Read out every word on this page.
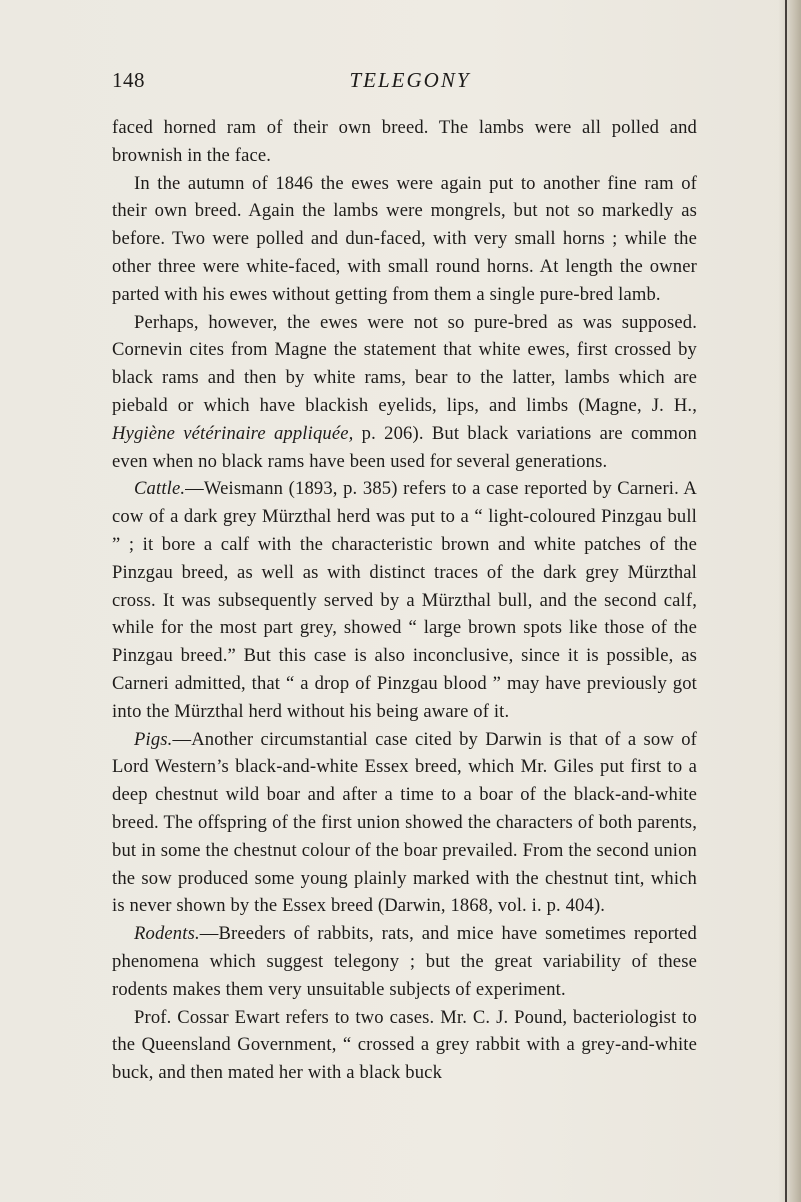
148	TELEGONY

faced horned ram of their own breed. The lambs were all polled and brownish in the face.

In the autumn of 1846 the ewes were again put to another fine ram of their own breed. Again the lambs were mongrels, but not so markedly as before. Two were polled and dun-faced, with very small horns ; while the other three were white-faced, with small round horns. At length the owner parted with his ewes without getting from them a single pure-bred lamb.

Perhaps, however, the ewes were not so pure-bred as was supposed. Cornevin cites from Magne the statement that white ewes, first crossed by black rams and then by white rams, bear to the latter, lambs which are piebald or which have blackish eyelids, lips, and limbs (Magne, J. H., Hygiène vétérinaire appliquée, p. 206). But black variations are common even when no black rams have been used for several generations.

Cattle.—Weismann (1893, p. 385) refers to a case reported by Carneri. A cow of a dark grey Mürzthal herd was put to a “ light-coloured Pinzgau bull ” ; it bore a calf with the characteristic brown and white patches of the Pinzgau breed, as well as with distinct traces of the dark grey Mürzthal cross. It was subsequently served by a Mürzthal bull, and the second calf, while for the most part grey, showed “ large brown spots like those of the Pinzgau breed.” But this case is also inconclusive, since it is possible, as Carneri admitted, that “ a drop of Pinzgau blood ” may have previously got into the Mürzthal herd without his being aware of it.

Pigs.—Another circumstantial case cited by Darwin is that of a sow of Lord Western’s black-and-white Essex breed, which Mr. Giles put first to a deep chestnut wild boar and after a time to a boar of the black-and-white breed. The offspring of the first union showed the characters of both parents, but in some the chestnut colour of the boar prevailed. From the second union the sow produced some young plainly marked with the chestnut tint, which is never shown by the Essex breed (Darwin, 1868, vol. i. p. 404).

Rodents.—Breeders of rabbits, rats, and mice have sometimes reported phenomena which suggest telegony ; but the great variability of these rodents makes them very unsuitable subjects of experiment.

Prof. Cossar Ewart refers to two cases. Mr. C. J. Pound, bacteriologist to the Queensland Government, “ crossed a grey rabbit with a grey-and-white buck, and then mated her with a black buck
